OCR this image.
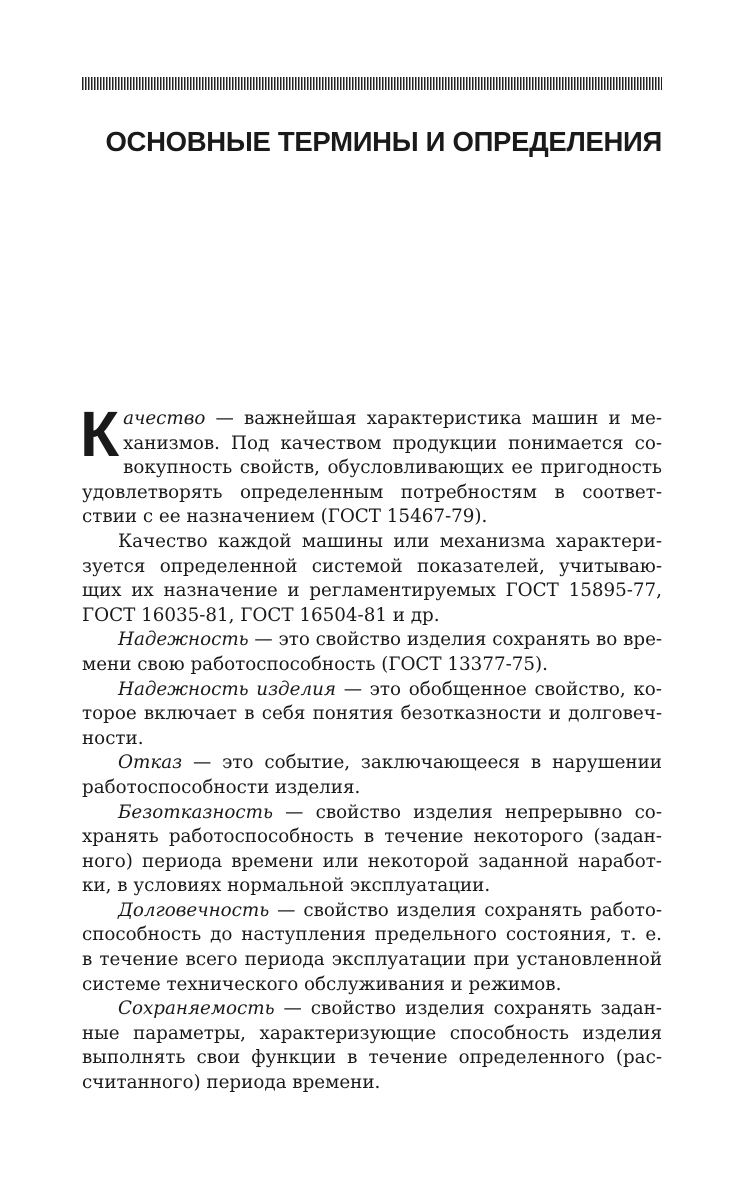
ОСНОВНЫЕ ТЕРМИНЫ И ОПРЕДЕЛЕНИЯ

К ачество — важнейшая характеристика машин и ме-
ханизмов. Под качеством продукции понимается со-
вокупность свойств, обусловливающих ее пригодность
удовлетворять определенным потребностям в соответ-
ствии с ее назначением (ГОСТ 15467-79).

Качество каждой машины или механизма характери-
зуется определенной системой показателей, учитываю-
щих их назначение и регламентируемых ГОСТ 15895-77,
ГОСТ 16035-81, ГОСТ 16504-81 и др.

Надежность — это свойство изделия сохранять во вре-
мени свою работоспособность (ГОСТ 13377-75).

Надежность изделия — это обобщенное свойство, ко-
торое включает в себя понятия безотказности и долговеч-
ности.

Отказ — это событие, заключающееся в нарушении
работоспособности изделия.

Безотказность — свойство изделия непрерывно со-
хранять работоспособность в течение некоторого (задан-
ного) периода времени или некоторой заданной наработ-
ки, в условиях нормальной эксплуатации.

Долговечность — свойство изделия сохранять работо-
способность до наступления предельного состояния, т. е.
в течение всего периода эксплуатации при установленной
системе технического обслуживания и режимов.

Сохраняемость — свойство изделия сохранять задан-
ные параметры, характеризующие способность изделия
выполнять свои функции в течение определенного (рас-
считанного) периода времени.
